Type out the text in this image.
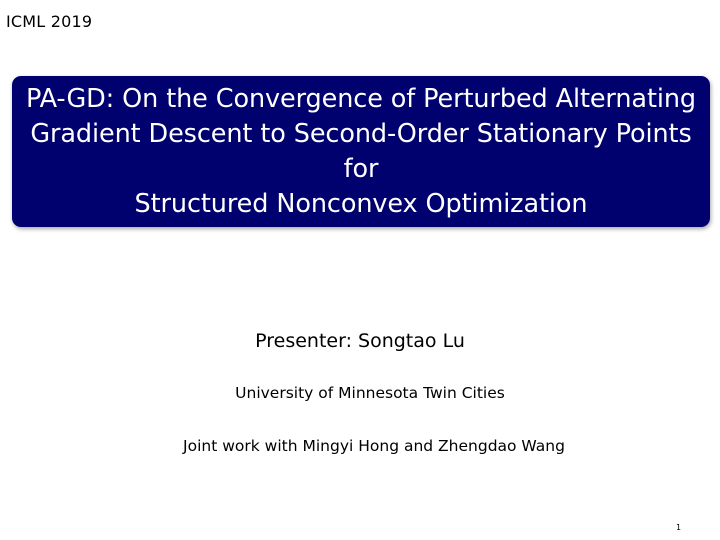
ICML 2019
PA-GD: On the Convergence of Perturbed Alternating
Gradient Descent to Second-Order Stationary Points for
Structured Nonconvex Optimization
Presenter: Songtao Lu
University of Minnesota Twin Cities
Joint work with Mingyi Hong and Zhengdao Wang
1
